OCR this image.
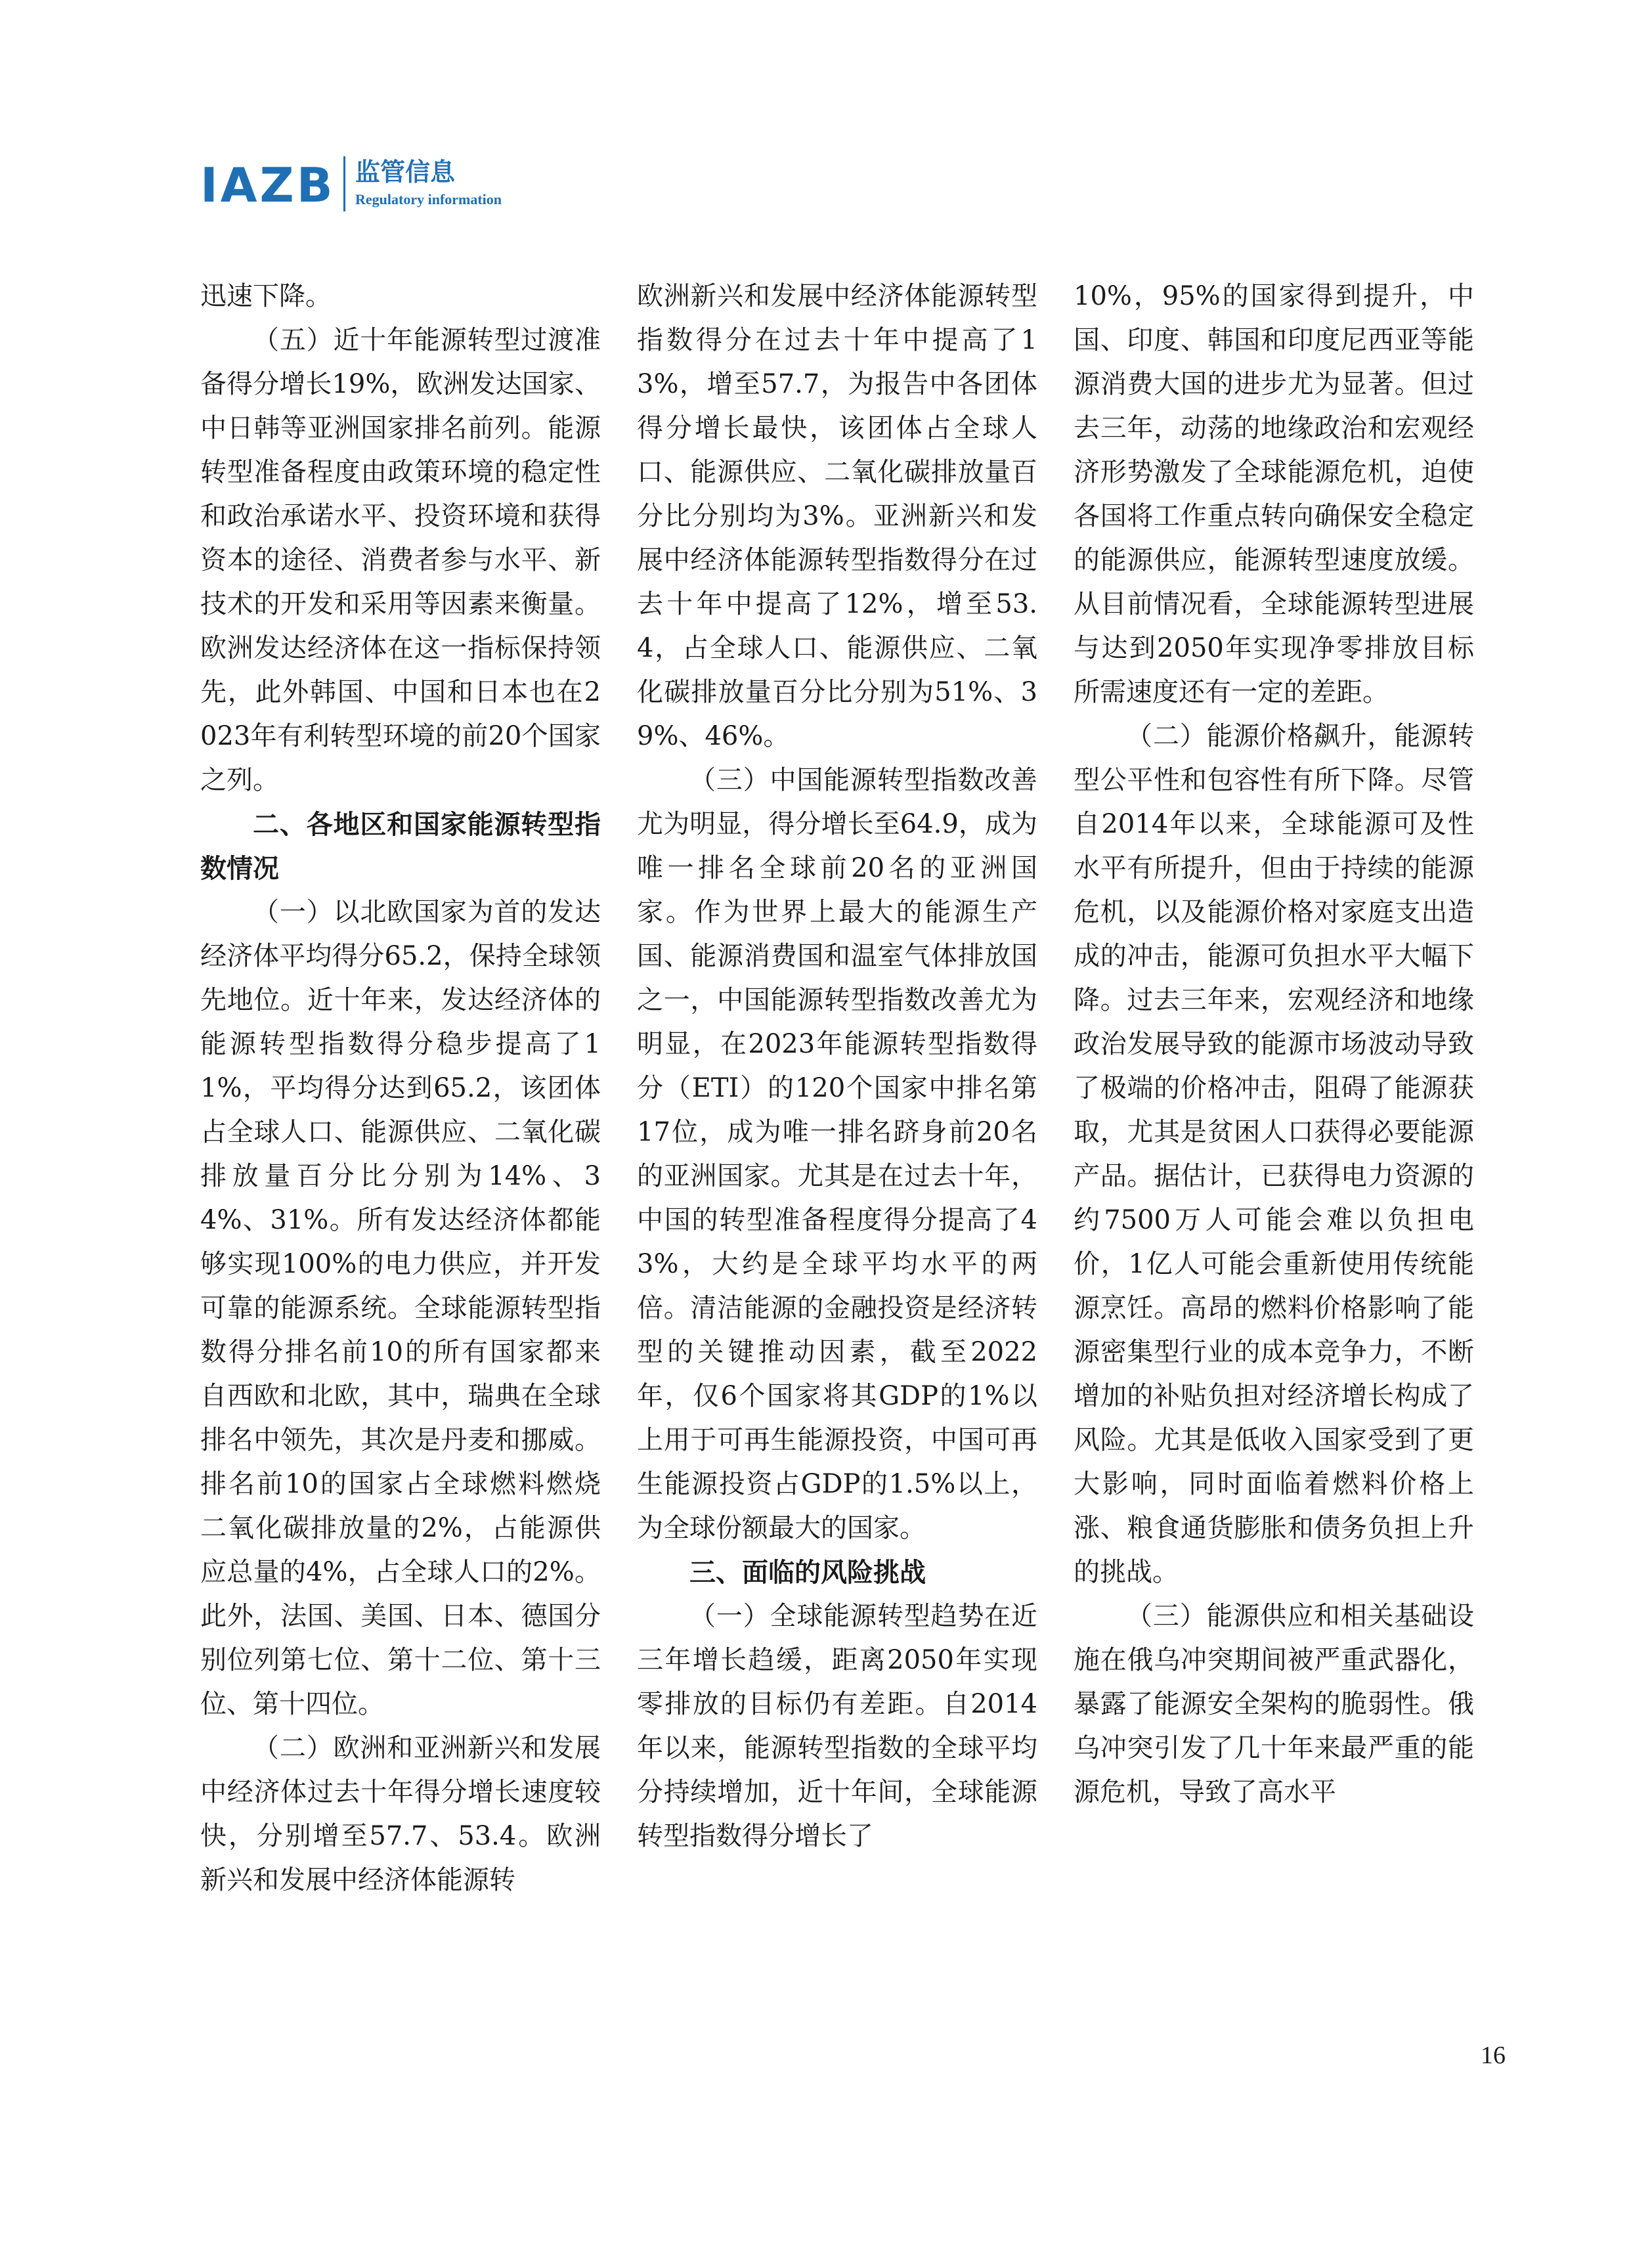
IAZB 监管信息
Regulatory information

迅速下降。

（五）近十年能源转型过渡准备得分增长19%，欧洲发达国家、中日韩等亚洲国家排名前列。能源转型准备程度由政策环境的稳定性和政治承诺水平、投资环境和获得资本的途径、消费者参与水平、新技术的开发和采用等因素来衡量。欧洲发达经济体在这一指标保持领先，此外韩国、中国和日本也在2023年有利转型环境的前20个国家之列。

二、各地区和国家能源转型指数情况

（一）以北欧国家为首的发达经济体平均得分65.2，保持全球领先地位。近十年来，发达经济体的能源转型指数得分稳步提高了11%，平均得分达到65.2，该团体占全球人口、能源供应、二氧化碳排放量百分比分别为14%、34%、31%。所有发达经济体都能够实现100%的电力供应，并开发可靠的能源系统。全球能源转型指数得分排名前10的所有国家都来自西欧和北欧，其中，瑞典在全球排名中领先，其次是丹麦和挪威。排名前10的国家占全球燃料燃烧二氧化碳排放量的2%，占能源供应总量的4%，占全球人口的2%。此外，法国、美国、日本、德国分别位列第七位、第十二位、第十三位、第十四位。

（二）欧洲和亚洲新兴和发展中经济体过去十年得分增长速度较快，分别增至57.7、53.4。欧洲新兴和发展中经济体能源转

欧洲新兴和发展中经济体能源转型指数得分在过去十年中提高了13%，增至57.7，为报告中各团体得分增长最快，该团体占全球人口、能源供应、二氧化碳排放量百分比分别均为3%。亚洲新兴和发展中经济体能源转型指数得分在过去十年中提高了12%，增至53.4，占全球人口、能源供应、二氧化碳排放量百分比分别为51%、39%、46%。

（三）中国能源转型指数改善尤为明显，得分增长至64.9，成为唯一排名全球前20名的亚洲国家。作为世界上最大的能源生产国、能源消费国和温室气体排放国之一，中国能源转型指数改善尤为明显，在2023年能源转型指数得分（ETI）的120个国家中排名第17位，成为唯一排名跻身前20名的亚洲国家。尤其是在过去十年，中国的转型准备程度得分提高了43%，大约是全球平均水平的两倍。清洁能源的金融投资是经济转型的关键推动因素，截至2022年，仅6个国家将其GDP的1%以上用于可再生能源投资，中国可再生能源投资占GDP的1.5%以上，为全球份额最大的国家。

三、面临的风险挑战

（一）全球能源转型趋势在近三年增长趋缓，距离2050年实现零排放的目标仍有差距。自2014年以来，能源转型指数的全球平均分持续增加，近十年间，全球能源转型指数得分增长了

10%，95%的国家得到提升，中国、印度、韩国和印度尼西亚等能源消费大国的进步尤为显著。但过去三年，动荡的地缘政治和宏观经济形势激发了全球能源危机，迫使各国将工作重点转向确保安全稳定的能源供应，能源转型速度放缓。从目前情况看，全球能源转型进展与达到2050年实现净零排放目标所需速度还有一定的差距。

（二）能源价格飙升，能源转型公平性和包容性有所下降。尽管自2014年以来，全球能源可及性水平有所提升，但由于持续的能源危机，以及能源价格对家庭支出造成的冲击，能源可负担水平大幅下降。过去三年来，宏观经济和地缘政治发展导致的能源市场波动导致了极端的价格冲击，阻碍了能源获取，尤其是贫困人口获得必要能源产品。据估计，已获得电力资源的约7500万人可能会难以负担电价，1亿人可能会重新使用传统能源烹饪。高昂的燃料价格影响了能源密集型行业的成本竞争力，不断增加的补贴负担对经济增长构成了风险。尤其是低收入国家受到了更大影响，同时面临着燃料价格上涨、粮食通货膨胀和债务负担上升的挑战。

（三）能源供应和相关基础设施在俄乌冲突期间被严重武器化，暴露了能源安全架构的脆弱性。俄乌冲突引发了几十年来最严重的能源危机，导致了高水平

16
